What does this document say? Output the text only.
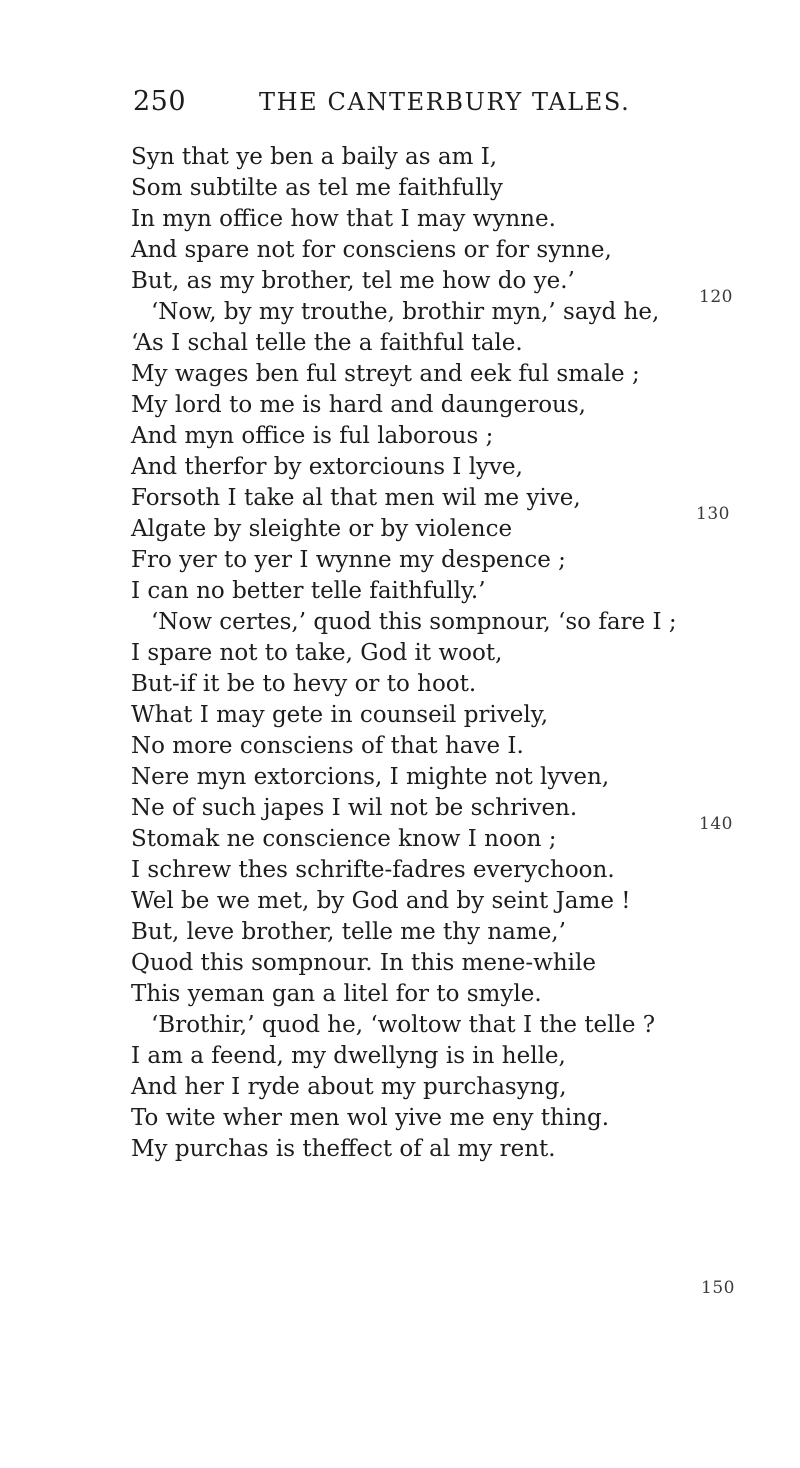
250	THE CANTERBURY TALES.
Syn that ye ben a baily as am I,
Som subtilte as tel me faithfully
In myn office how that I may wynne.
And spare not for consciens or for synne,
But, as my brother, tel me how do ye.’
‘Now, by my trouthe, brothir myn,’ sayd he,
‘As I schal telle the a faithful tale.
My wages ben ful streyt and eek ful smale ;
My lord to me is hard and daungerous,
And myn office is ful laborous ;
And therfor by extorciouns I lyve,
Forsoth I take al that men wil me yive,
Algate by sleighte or by violence
Fro yer to yer I wynne my despence ;
I can no better telle faithfully.’
‘Now certes,’ quod this sompnour, ‘so fare I ;
I spare not to take, God it woot,
But-if it be to hevy or to hoot.
What I may gete in counseil prively,
No more consciens of that have I.
Nere myn extorcions, I mighte not lyven,
Ne of such japes I wil not be schriven.
Stomak ne conscience know I noon ;
I schrew thes schrifte-fadres everychoon.
Wel be we met, by God and by seint Jame !
But, leve brother, telle me thy name,’
Quod this sompnour. In this mene-while
This yeman gan a litel for to smyle.
‘Brothir,’ quod he, ‘woltow that I the telle ?
I am a feend, my dwellyng is in helle,
And her I ryde about my purchasyng,
To wite wher men wol yive me eny thing.
My purchas is theffect of al my rent.
120
130
140
150
